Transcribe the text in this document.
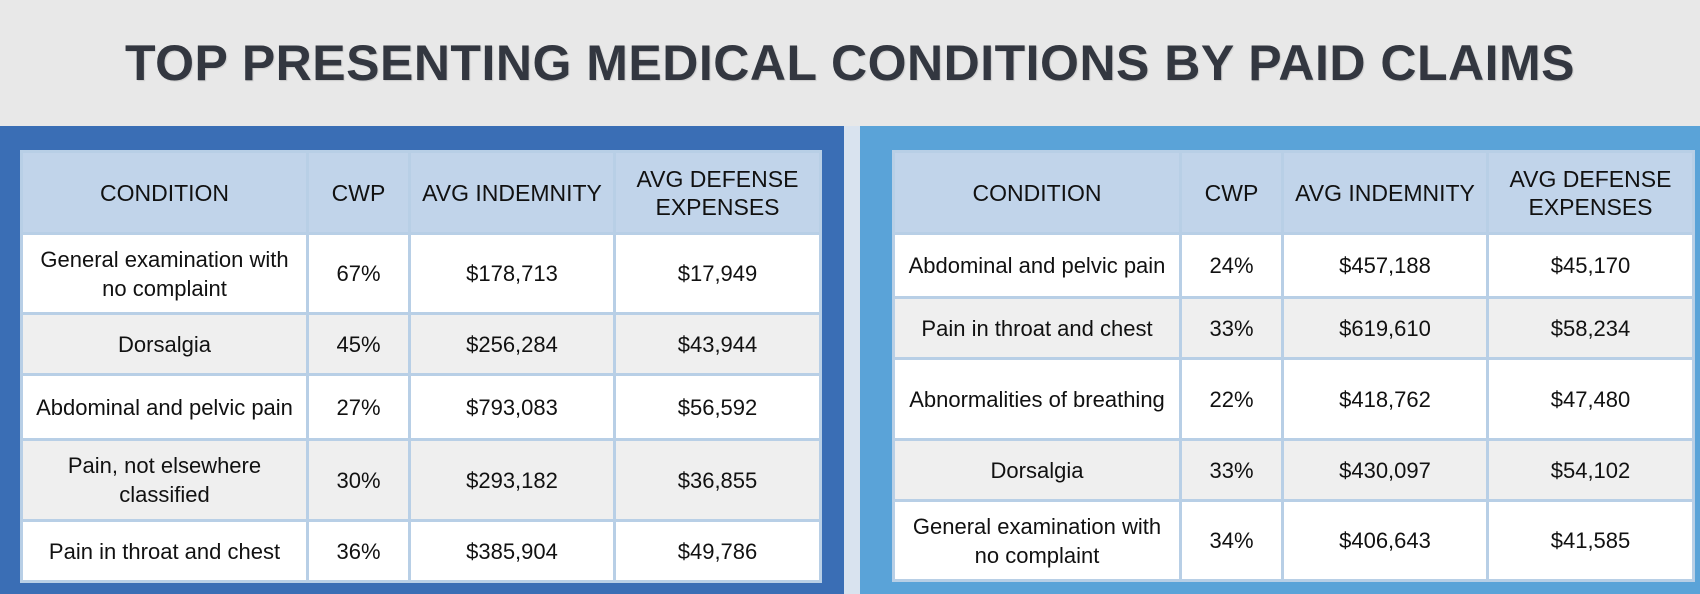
TOP PRESENTING MEDICAL CONDITIONS BY PAID CLAIMS
CONDITION	CWP	AVG INDEMNITY	AVG DEFENSE EXPENSES
General examination with no complaint	67%	$178,713	$17,949
Dorsalgia	45%	$256,284	$43,944
Abdominal and pelvic pain	27%	$793,083	$56,592
Pain, not elsewhere classified	30%	$293,182	$36,855
Pain in throat and chest	36%	$385,904	$49,786
CONDITION	CWP	AVG INDEMNITY	AVG DEFENSE EXPENSES
Abdominal and pelvic pain	24%	$457,188	$45,170
Pain in throat and chest	33%	$619,610	$58,234
Abnormalities of breathing	22%	$418,762	$47,480
Dorsalgia	33%	$430,097	$54,102
General examination with no complaint	34%	$406,643	$41,585
